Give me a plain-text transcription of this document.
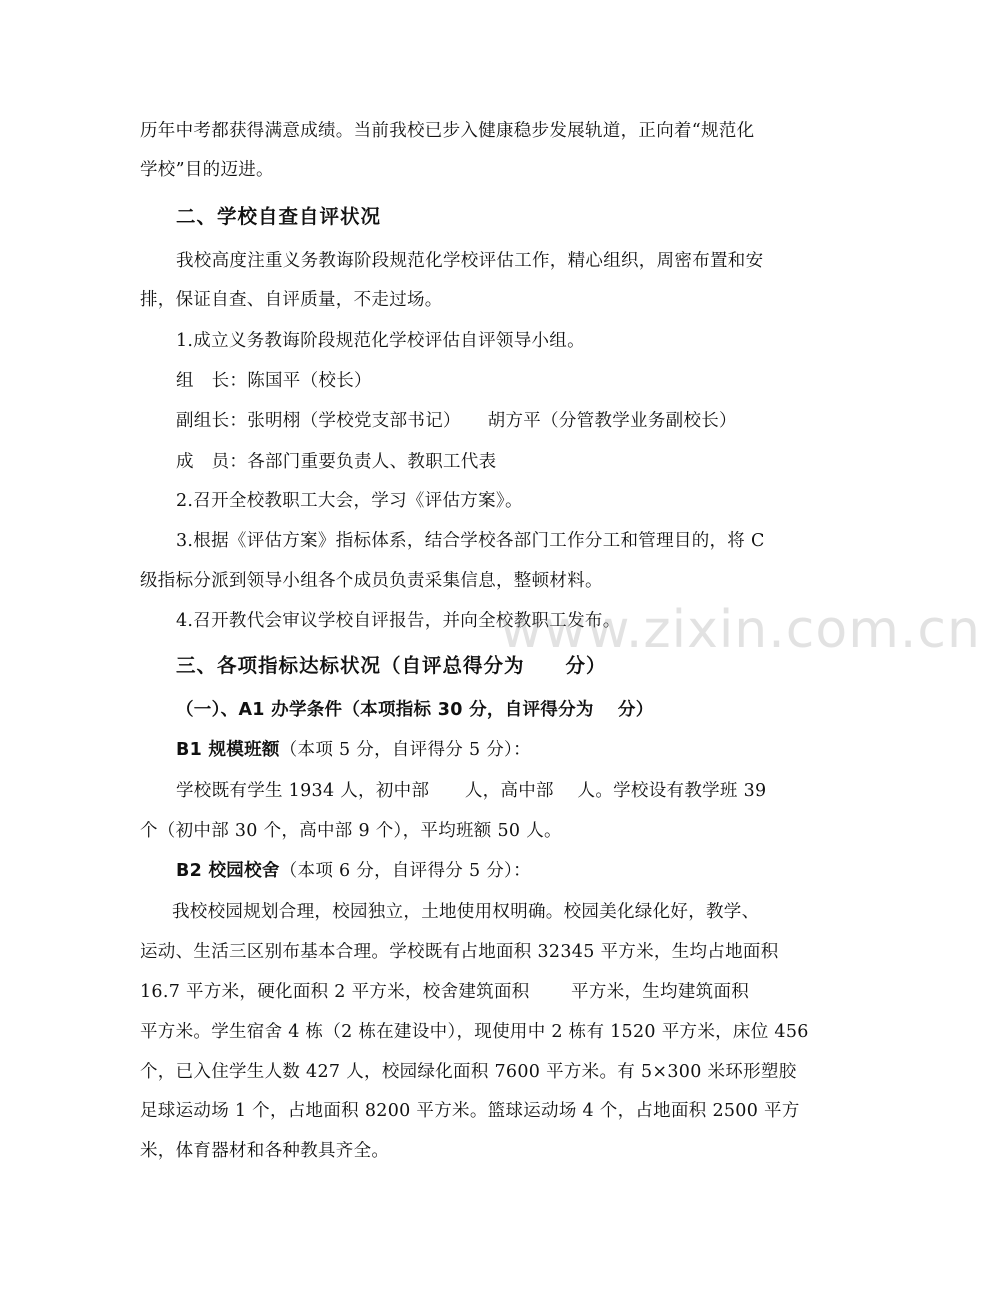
历年中考都获得满意成绩。当前我校已步入健康稳步发展轨道，正向着“规范化
学校”目的迈进。
二、学校自查自评状况
我校高度注重义务教诲阶段规范化学校评估工作，精心组织，周密布置和安
排，保证自查、自评质量，不走过场。
1.成立义务教诲阶段规范化学校评估自评领导小组。
组　长：陈国平（校长）
副组长：张明栩（学校党支部书记）　　胡方平（分管教学业务副校长）
成　员：各部门重要负责人、教职工代表
2.召开全校教职工大会，学习《评估方案》。
3.根据《评估方案》指标体系，结合学校各部门工作分工和管理目的，将 C
级指标分派到领导小组各个成员负责采集信息，整顿材料。
4.召开教代会审议学校自评报告，并向全校教职工发布。
三、各项指标达标状况（自评总得分为　　分）
（一）、A1 办学条件（本项指标 30 分，自评得分为　 分）
B1 规模班额（本项 5 分，自评得分 5 分）：
学校既有学生 1934 人，初中部　　人，高中部　 人。学校设有教学班 39
个（初中部 30 个，高中部 9 个），平均班额 50 人。
B2 校园校舍（本项 6 分，自评得分 5 分）：
我校校园规划合理，校园独立，土地使用权明确。校园美化绿化好，教学、
运动、生活三区别布基本合理。学校既有占地面积 32345 平方米，生均占地面积
16.7 平方米，硬化面积 2 平方米，校舍建筑面积　　 平方米，生均建筑面积
平方米。学生宿舍 4 栋（2 栋在建设中），现使用中 2 栋有 1520 平方米，床位 456
个，已入住学生人数 427 人，校园绿化面积 7600 平方米。有 5×300 米环形塑胶
足球运动场 1 个，占地面积 8200 平方米。篮球运动场 4 个，占地面积 2500 平方
米，体育器材和各种教具齐全。
www.zixin.com.cn
